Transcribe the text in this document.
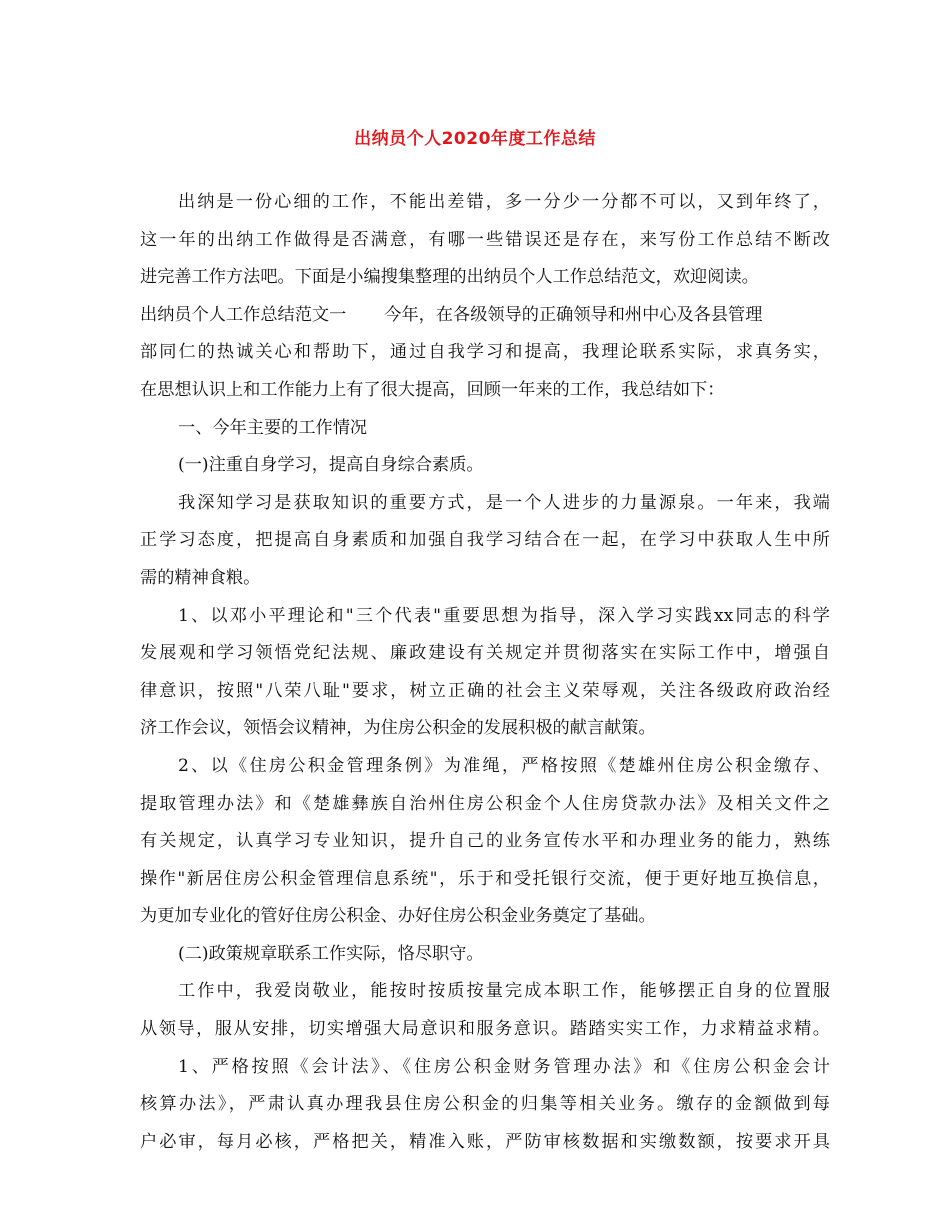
出纳员个人2020年度工作总结
出纳是一份心细的工作，不能出差错，多一分少一分都不可以，又到年终了，
这一年的出纳工作做得是否满意，有哪一些错误还是存在，来写份工作总结不断改
进完善工作方法吧。下面是小编搜集整理的出纳员个人工作总结范文，欢迎阅读。
出纳员个人工作总结范文一 今年，在各级领导的正确领导和州中心及各县管理
部同仁的热诚关心和帮助下，通过自我学习和提高，我理论联系实际，求真务实，
在思想认识上和工作能力上有了很大提高，回顾一年来的工作，我总结如下：
一、今年主要的工作情况
(一)注重自身学习，提高自身综合素质。
我深知学习是获取知识的重要方式，是一个人进步的力量源泉。一年来，我端
正学习态度，把提高自身素质和加强自我学习结合在一起，在学习中获取人生中所
需的精神食粮。
1、以邓小平理论和"三个代表"重要思想为指导，深入学习实践xx同志的科学
发展观和学习领悟党纪法规、廉政建设有关规定并贯彻落实在实际工作中，增强自
律意识，按照"八荣八耻"要求，树立正确的社会主义荣辱观，关注各级政府政治经
济工作会议，领悟会议精神，为住房公积金的发展积极的献言献策。
2、以《住房公积金管理条例》为准绳，严格按照《楚雄州住房公积金缴存、
提取管理办法》和《楚雄彝族自治州住房公积金个人住房贷款办法》及相关文件之
有关规定，认真学习专业知识，提升自己的业务宣传水平和办理业务的能力，熟练
操作"新居住房公积金管理信息系统"，乐于和受托银行交流，便于更好地互换信息，
为更加专业化的管好住房公积金、办好住房公积金业务奠定了基础。
(二)政策规章联系工作实际，恪尽职守。
工作中，我爱岗敬业，能按时按质按量完成本职工作，能够摆正自身的位置服
从领导，服从安排，切实增强大局意识和服务意识。踏踏实实工作，力求精益求精。
1、严格按照《会计法》、《住房公积金财务管理办法》和《住房公积金会计
核算办法》，严肃认真办理我县住房公积金的归集等相关业务。缴存的金额做到每
户必审，每月必核，严格把关，精准入账，严防审核数据和实缴数额，按要求开具
